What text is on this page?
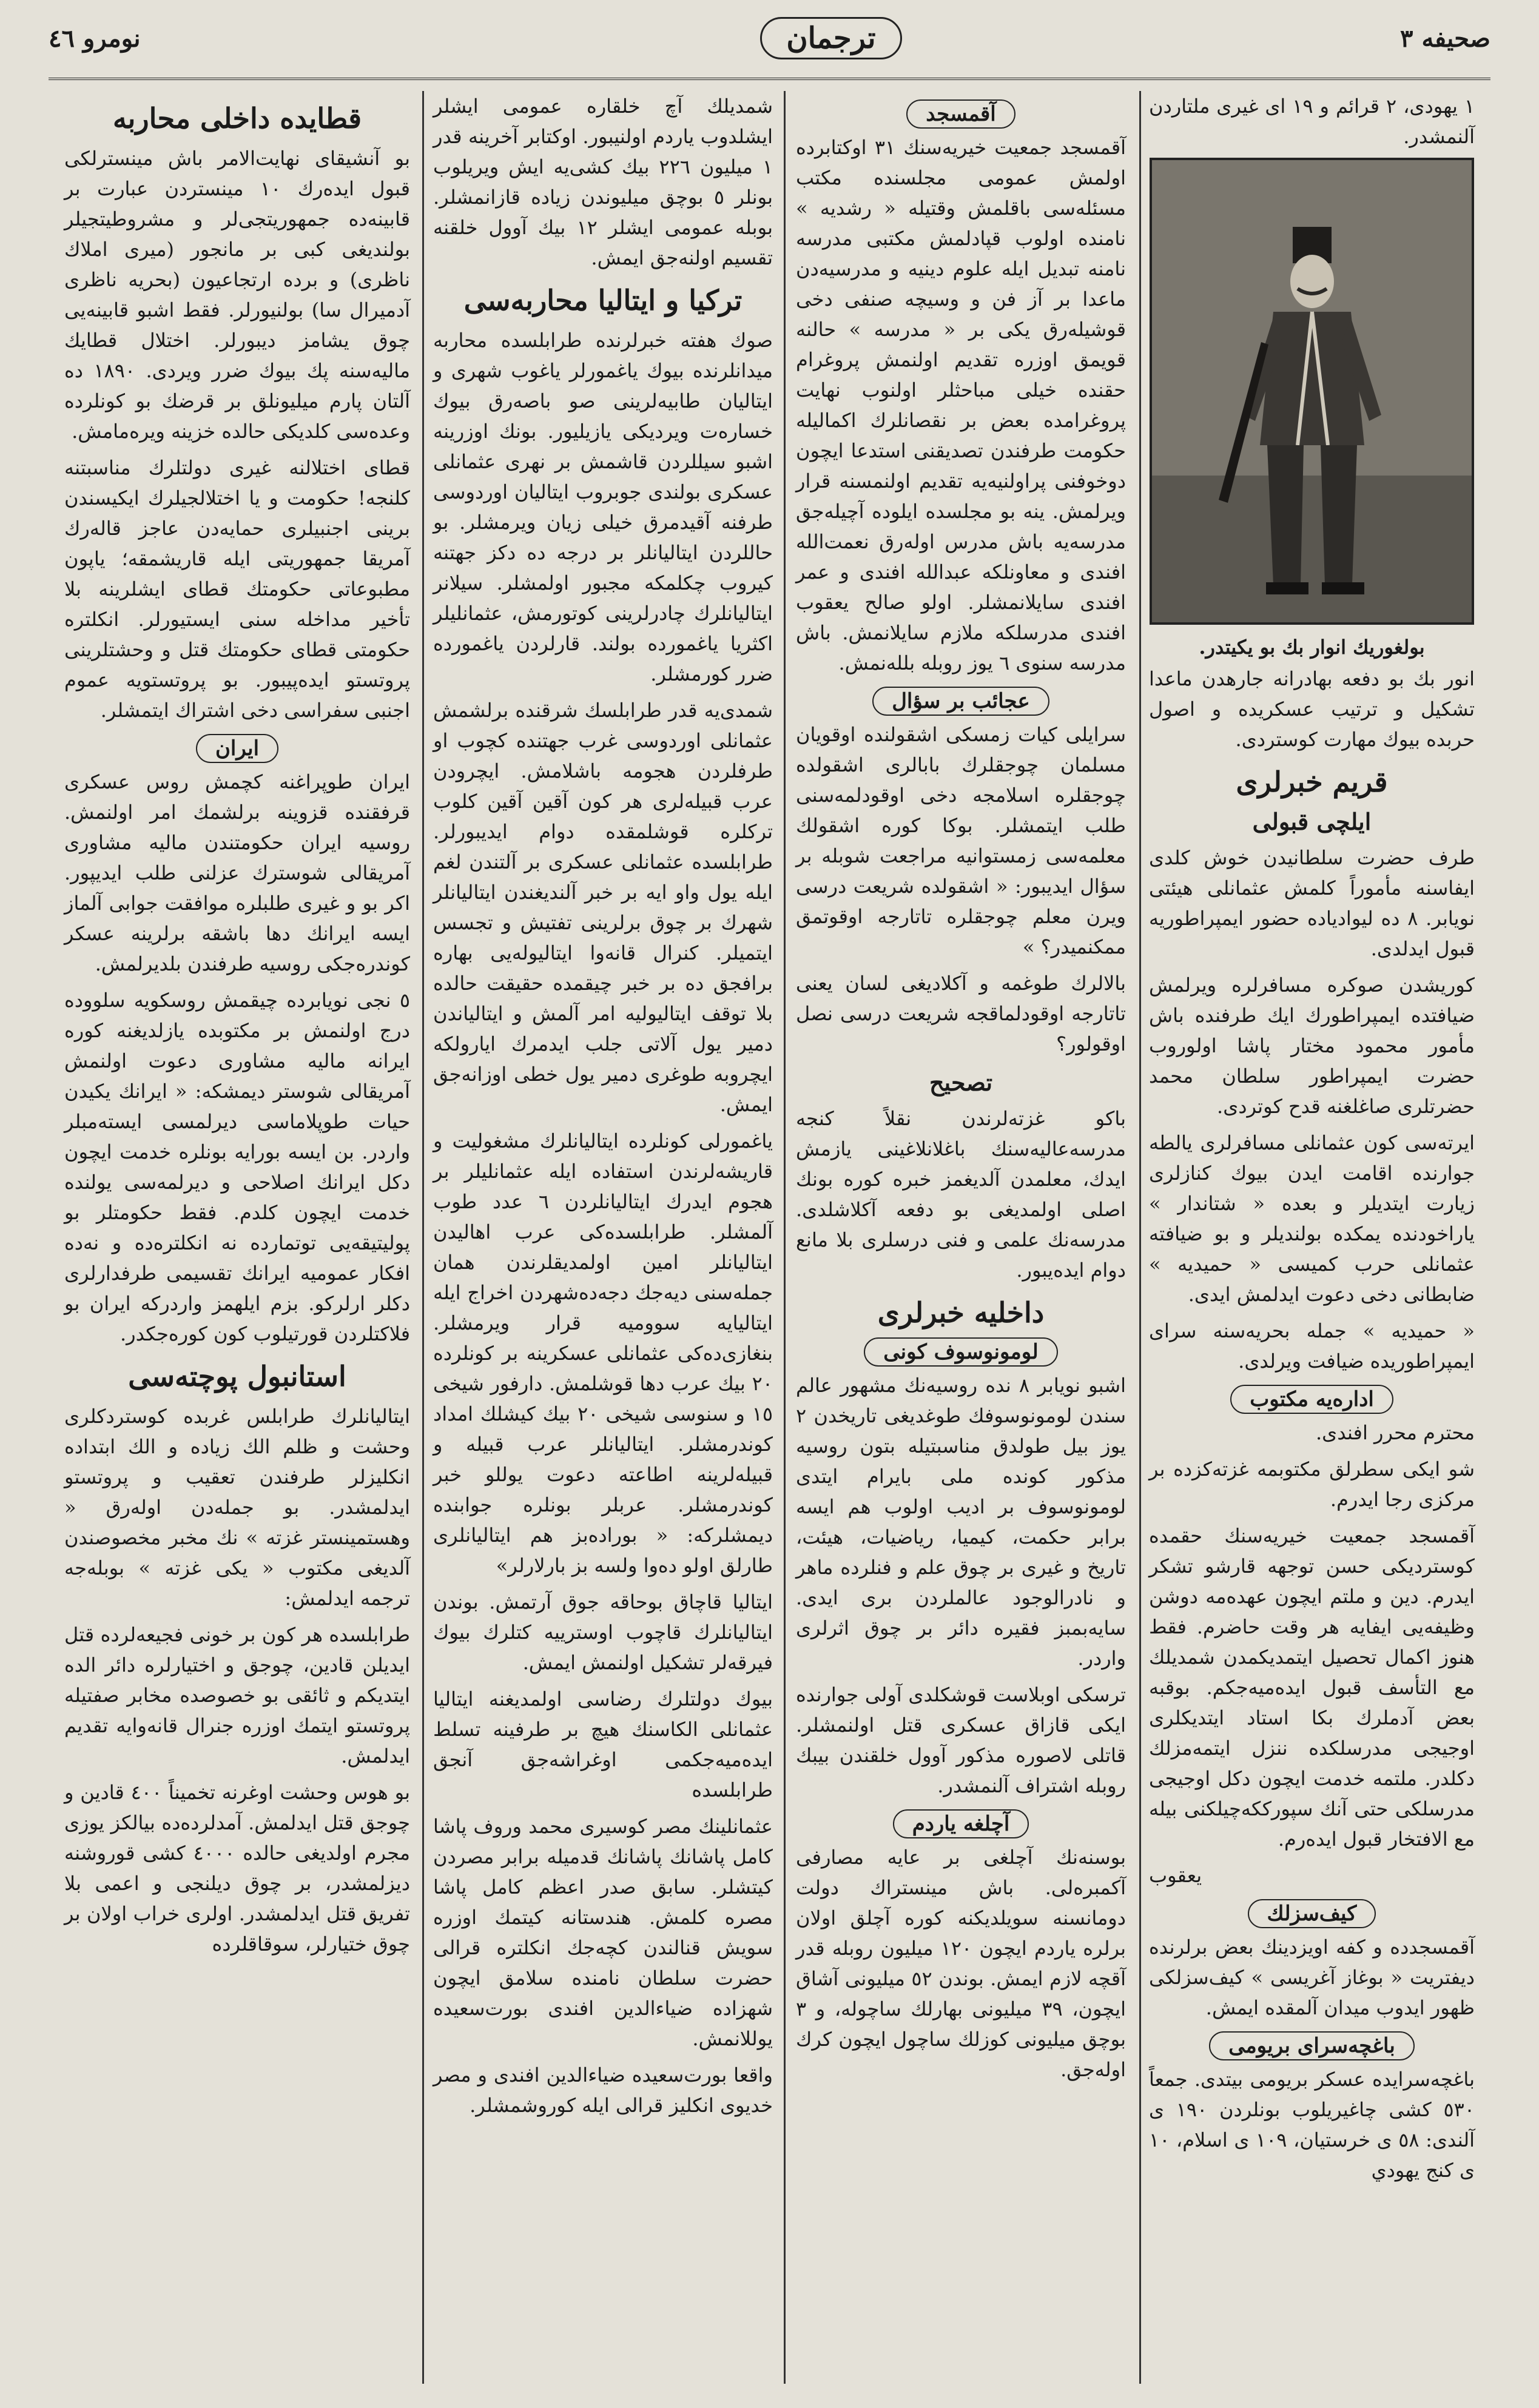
نومرو ٤٦	ترجمان	صحیفه ٣

١ يهودی، ٢ قرائم و ١٩ ای غیری ملتاردن آلنمشدر.

بولغوريك انوار بك بو يكيتدر.

انور بك بو دفعه بهادرانه جارهدن ماعدا تشكيل و ترتيب عسكريده و اصول حربده بیوك مهارت كوستردی.

قریم خبرلری
ایلچی قبولی

طرف حضرت سلطانیدن خوش كلدی ایفاسنه مأموراً كلمش عثمانلی هیئتی نویابر. ٨ ده لیوادیاده حضور ایمپراطوریه قبول ایدلدی.

كوریشدن صوكره مسافرلره ویرلمش ضیافتده ایمپراطورك ایك طرفنده باش مأمور محمود مختار پاشا اولوروب حضرت ایمپراطور سلطان محمد حضرتلری صاغلغنه قدح كوتردی.

ایرته‌سی كون عثمانلی مسافرلری یالطه جوارنده اقامت ایدن بیوك كنازلری زیارت ایتدیلر و بعده « شتاندار » یاراخودنده یمكده بولندیلر و بو ضیافته عثمانلی حرب كمیسی « حمیدیه » ضابطانی دخی دعوت ایدلمش ایدی.

« حمیدیه » جمله بحریه‌سنه سرای ایمپراطوریده ضیافت ویرلدی.

اداره‌یه مكتوب

محترم محرر افندی.

شو ایكی سطرلق مكتوبمه غزته‌كزده بر مركزی رجا ایدرم.

آقمسجد جمعیت خیریه‌سنك حقمده كوستردیكی حسن توجهه قارشو تشكر ایدرم. دین و ملتم ایچون عهده‌مه دوشن وظیفه‌یی ایفایه هر وقت حاضرم. فقط هنوز اكمال تحصیل ایتمدیكمدن شمدیلك مع التأسف قبول ایده‌میه‌جكم. بوقبه بعض آدملرك بكا استاد ایتدیكلری اوجیجی مدرسلكده ننزل ایتمه‌مزلك دكلدر. ملتمه خدمت ایچون دكل اوجیجی مدرسلكی حتی آنك سپورككه‌چیلكنی بیله مع الافتخار قبول ایده‌رم.

يعقوب

كیف‌سزلك

آقمسجدده و كفه اویزدینك بعض برلرنده دیفتریت « بوغاز آغریسی » كیف‌سزلكی ظهور ایدوب میدان آلمقده ایمش.

باغچه‌سرای بریومی

باغچه‌سرایده عسكر بریومی بیتدی. جمعاً ٥٣٠ كشی چاغیریلوب بونلردن ١٩٠ ی آلندی: ٥٨ ی خرستیان، ١٠٩ ی اسلام، ١٠ ی كنج يهودي

آقمسجد

آقمسجد جمعیت خیریه‌سنك ٣١ اوكتابرده اولمش عمومی مجلسنده مكتب مسئله‌سی باقلمش وقتیله « رشدیه » نامنده اولوب قپادلمش مكتبی مدرسه نامنه تبدیل ایله علوم دینیه و مدرسیه‌دن ماعدا بر آز فن و وسیچه صنفی دخی قوشیله‌رق یكی بر « مدرسه » حالنه قویمق اوزره تقدیم اولنمش پروغرام حقنده خیلی مباحثلر اولنوب نهایت پروغرامده بعض بر نقصانلرك اكمالیله حكومت طرفندن تصدیقنی استدعا ایچون دوخوفنی پراولنیه‌یه تقدیم اولنمسنه قرار ویرلمش. ینه بو مجلسده ایلوده آچیله‌جق مدرسه‌یه باش مدرس اوله‌رق نعمت‌الله افندی و معاونلكه عبدالله افندی و عمر افندی سایلانمشلر. اولو صالح يعقوب افندی مدرسلكه ملازم سایلانمش. باش مدرسه سنوی ٦ یوز روبله بلله‌نمش.

عجائب بر سؤال

سرایلی كیات زمسكی اشقولنده اوقویان مسلمان چوجقلرك بابالری اشقولده چوجقلره اسلامجه دخی اوقودلمه‌سنی طلب ایتمشلر. بوكا كوره اشقولك معلمه‌سی زمستوانیه مراجعت شوبله بر سؤال ایدیبور: « اشقولده شریعت درسی ویرن معلم چوجقلره تاتارجه اوقوتمق ممكنمیدر؟ »

بالالرك طوغمه و آكلادیغی لسان یعنی تاتارجه اوقودلماقجه شریعت درسی نصل اوقولور؟

تصحیح

باكو غزته‌لرندن نقلاً كنجه مدرسه‌عالیه‌سنك باغلانلاغینی یازمش ایدك، معلمدن آلدیغمز خبره كوره بونك اصلی اولمدیغی بو دفعه آكلاشلدی. مدرسه‌نك علمی و فنی درسلری بلا مانع دوام ایده‌یبور.

داخلیه خبرلری
لومونوسوف كونی

اشبو نویابر ٨ نده روسیه‌نك مشهور عالم سندن لومونوسوفك طوغدیغی تاریخدن ٢ یوز بیل طولدق مناسبتیله بتون روسیه مذكور كونده ملی بایرام ایتدی لومونوسوف بر ادیب اولوب هم ایسه برابر حكمت، كیمیا، ریاضیات، هیئت، تاریخ و غیری بر چوق علم و فنلرده ماهر و نادرالوجود عالملردن بری ایدی. سایه‌بمبز فقیره دائر بر چوق اثرلری واردر.

ترسكی اوبلاست قوشكلدی آولی جوارنده ایكی قازاق عسكری قتل اولنمشلر. قاتلی لاصوره مذكور آوول خلقندن بیبك روبله اشتراف آلنمشدر.

آچلغه یاردم

بوسنه‌نك آچلغی بر عایه مصارفی آكمبره‌لی. باش مینستراك دولت دومانسنه سویلدیكنه كوره آچلق اولان برلره یاردم ایچون ١٢٠ میلیون روبله قدر آقچه لازم ایمش. بوندن ٥٢ میلیونی آشاق ایچون، ٣٩ میلیونی بهارلك ساچوله، و ٣ بوچق میلیونی كوزلك ساچول ایچون كرك اوله‌جق.

شمدیلك آچ خلقاره عمومی ایشلر ایشلدوب یاردم اولنیبور. اوكتابر آخرینه قدر ١ میلیون ٢٢٦ بیك كشی‌یه ایش ویریلوب بونلر ٥ بوچق میلیوندن زیاده قازانمشلر. بوبله عمومی ایشلر ١٢ بیك آوول خلقنه تقسیم اولنه‌جق ایمش.

تركیا و ایتالیا محاربه‌سی

صوك هفته خبرلرنده طرابلسده محاربه میدانلرنده بیوك یاغمورلر یاغوب شهری و ایتالیان طابیه‌لرینی صو باصه‌رق بیوك خساره‌ت ویردیكی یازیلیور. بونك اوزرینه اشبو سیللردن قاشمش بر نهری عثمانلی عسكری بولندی جوبروب ایتالیان اوردوسی طرفنه آقیدمرق خیلی زیان ویرمشلر. بو حاللردن ایتالیانلر بر درجه ده دكز جهتنه كیروب چكلمكه مجبور اولمشلر. سیلانر ایتالیانلرك چادرلرینی كوتورمش، عثمانلیلر اكثریا یاغمورده بولند. قارلردن یاغمورده ضرر كورمشلر.

شمدی‌یه قدر طرابلسك شرقنده برلشمش عثمانلی اوردوسی غرب جهتنده كچوب او طرفلردن هجومه باشلامش. ایچرودن عرب قبیله‌لری هر كون آقین آقین كلوب تركلره قوشلمقده دوام ایدیبورلر. طرابلسده عثمانلی عسكری بر آلتندن لغم ایله یول واو ایه بر خبر آلندیغندن ایتالیانلر شهرك بر چوق برلرینی تفتیش و تجسس ایتمیلر. كنرال قانه‌وا ایتالیوله‌یی بهاره برافجق ده بر خبر چیقمده حقیقت حالده بلا توقف ایتالیولیه امر آلمش و ایتالیاندن دمیر یول آلاتی جلب ایدمرك ایارولكه ایچروبه طوغری دمیر یول خطی اوزانه‌جق ایمش.

یاغمورلی كونلرده ایتالیانلرك مشغولیت و قاریشه‌لرندن استفاده ایله عثمانلیلر بر هجوم ایدرك ایتالیانلردن ٦ عدد طوب آلمشلر. طرابلسده‌كی عرب اهالیدن ایتالیانلر امین اولمدیقلرندن همان جمله‌سنی دیه‌جك دجه‌ده‌شهردن اخراج ایله ایتالیایه سوومیه قرار ویرمشلر. بنغازی‌ده‌كی عثمانلی عسكرینه بر كونلرده ٢٠ بیك عرب دها قوشلمش. دارفور شیخی ١٥ و سنوسی شیخی ٢٠ بیك كیشلك امداد كوندرمشلر. ایتالیانلر عرب قبیله و قبیله‌لرینه اطاعته دعوت یوللو خبر كوندرمشلر. عربلر بونلره جوابنده دیمشلركه: « بوراده‌بز هم ایتالیانلری طارلق اولو ده‌وا ولسه بز بارلارلر»

ایتالیا قاچاق بوحاقه جوق آرتمش. بوندن ایتالیانلرك قاچوب اوسترییه كتلرك بیوك فیرقه‌لر تشكیل اولنمش ایمش.

بیوك دولتلرك رضاسی اولمدیغنه ایتالیا عثمانلی الكاسنك هیچ بر طرفینه تسلط ایده‌میه‌جكمی اوغراشه‌جق آنجق طرابلسده

عثمانلینك مصر كوسیری محمد وروف پاشا كامل پاشانك پاشانك قدمیله برابر مصردن كیتشلر. سابق صدر اعظم كامل پاشا مصره كلمش. هندستانه كیتمك اوزره سویش قنالندن كچه‌جك انكلتره قرالی حضرت سلطان نامنده سلامق ایچون شهزاده ضیاءالدین افندی بورت‌سعیده یوللانمش.

واقعا بورت‌سعیده ضیاءالدین افندی و مصر خدیوی انكلیز قرالی ایله كوروشمشلر.

قطایده داخلی محاربه

بو آنشیقای نهایت‌الامر باش مینسترلكی قبول ایده‌رك ١٠ مینستردن عبارت بر قابینه‌ده جمهوریتجی‌لر و مشروطیتجیلر بولندیغی كبی بر مانجور (میری املاك ناظری) و برده ارتجاعیون (بحریه ناظری آدمیرال سا) بولنیورلر. فقط اشبو قابینه‌یی چوق یشامز دیبورلر. اختلال قطایك مالیه‌سنه پك بیوك ضرر ویردی. ١٨٩٠ ده آلتان پارم میلیونلق بر قرضك بو كونلرده وعده‌سی كلدیكی حالده خزینه ویره‌مامش.

قطای اختلالنه غیری دولتلرك مناسبتنه كلنجه! حكومت و یا اختلالجیلرك ایكیسندن برینی اجنبیلری حمایه‌دن عاجز قاله‌رك آمریقا جمهوریتی ایله قاریشمقه؛ یاپون مطبوعاتی حكومتك قطای ایشلرینه بلا تأخیر مداخله سنی ایستیورلر. انكلتره حكومتی قطای حكومتك قتل و وحشتلرینی پروتستو ایده‌پیبور. بو پروتستویه عموم اجنبی سفراسی دخی اشتراك ایتمشلر.

ایران

ایران طوپراغنه كچمش روس عسكری قرفقنده قزوینه برلشمك امر اولنمش. روسیه ایران حكومتندن مالیه مشاوری آمریقالی شوسترك عزلنی طلب ایدیپور. اكر بو و غیری طلبلره موافقت جوابی آلماز ایسه ایرانك دها باشقه برلرینه عسكر كوندره‌جكی روسیه طرفندن بلدیرلمش.

٥ نجی نویابرده چیقمش روسكویه سلووده درج اولنمش بر مكتوبده یازلدیغنه كوره ایرانه مالیه مشاوری دعوت اولنمش آمریقالی شوستر دیمشكه: « ایرانك یكیدن حیات طوپلاماسی دیرلمسی ایسته‌مبلر واردر. بن ایسه بورایه بونلره خدمت ایچون دكل ایرانك اصلاحی و دیرلمه‌سی یولنده خدمت ایچون كلدم. فقط حكومتلر بو پولیتیقه‌یی توتمارده نه انكلتره‌ده و نه‌ده افكار عمومیه ایرانك تقسیمی طرفدارلری دكلر ارلركو. بزم ایلهمز واردركه ایران بو فلاكتلردن قورتیلوب كون كوره‌جكدر.

استانبول پوچته‌سی

ایتالیانلرك طرابلس غربده كوستردكلری وحشت و ظلم الك زیاده و الك ابتداده انكلیزلر طرفندن تعقیب و پروتستو ایدلمشدر. بو جمله‌دن اوله‌رق « وهستمینستر غزته » نك مخبر مخصوصندن آلدیغی مكتوب « یكی غزته » بوبله‌جه ترجمه ایدلمش:

طرابلسده هر كون بر خونی فجیعه‌لرده قتل ایدیلن قادین، چوجق و اختیارلره دائر الده ایتدیكم و ثائقی بو خصوصده مخابر صفتیله پروتستو ایتمك اوزره جنرال قانه‌وایه تقدیم ایدلمش.

بو هوس وحشت اوغرنه تخمیناً ٤٠٠ قادین و چوجق قتل ایدلمش. آمدلرده‌ده بیالكز یوزی مجرم اولدیغی حالده ٤٠٠٠ كشی قوروشنه دیزلمشدر، بر چوق دیلنجی و اعمی بلا تفریق قتل ایدلمشدر. اولری خراب اولان بر چوق ختیارلر، سوقاقلرده
